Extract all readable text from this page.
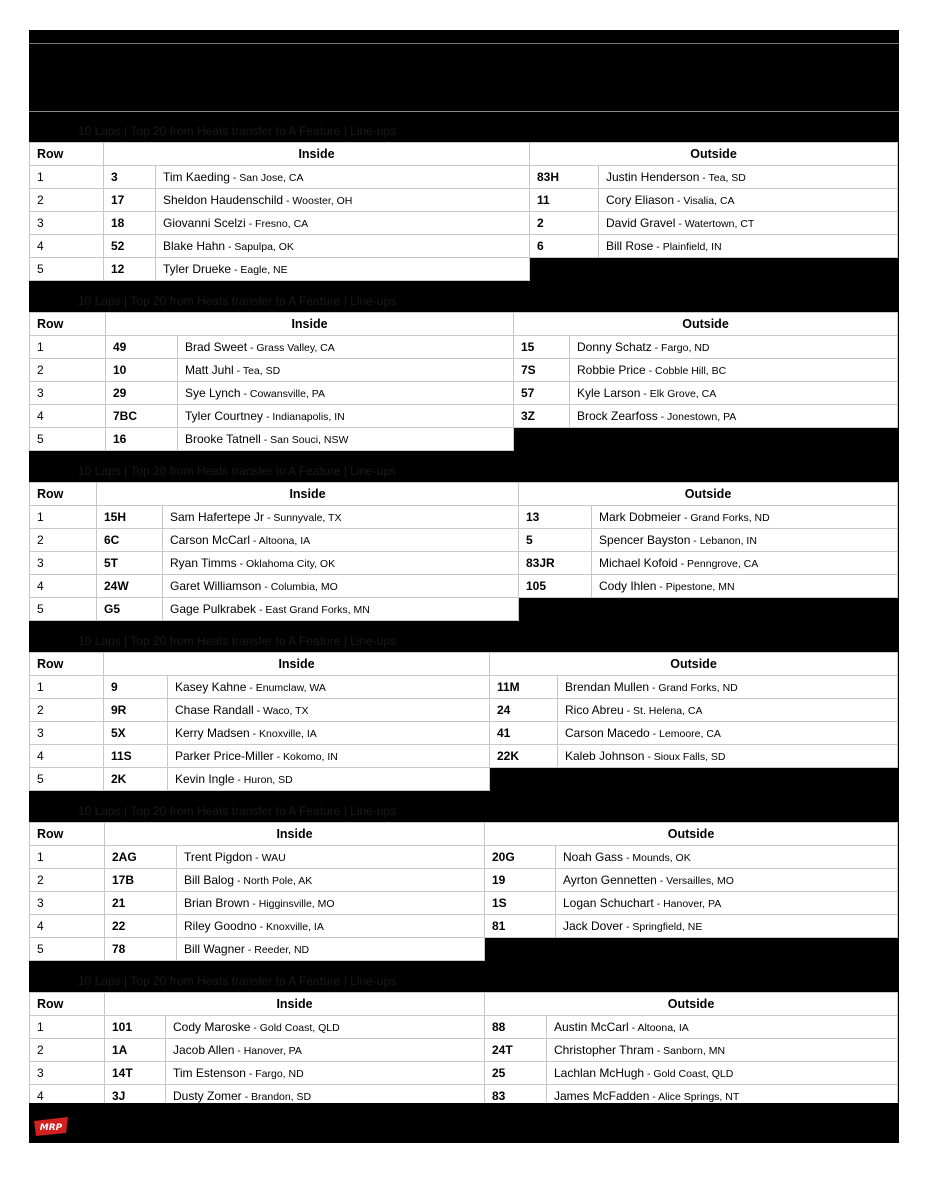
10 Laps | Top 20 from Heats transfer to A Feature | Line-ups
Row	Inside		Outside	
1	3	Tim Kaeding - San Jose, CA	83H	Justin Henderson - Tea, SD
2	17	Sheldon Haudenschild - Wooster, OH	11	Cory Eliason - Visalia, CA
3	18	Giovanni Scelzi - Fresno, CA	2	David Gravel - Watertown, CT
4	52	Blake Hahn - Sapulpa, OK	6	Bill Rose - Plainfield, IN
5	12	Tyler Drueke - Eagle, NE		
10 Laps | Top 20 from Heats transfer to A Feature | Line-ups
Row	Inside		Outside	
1	49	Brad Sweet - Grass Valley, CA	15	Donny Schatz - Fargo, ND
2	10	Matt Juhl - Tea, SD	7S	Robbie Price - Cobble Hill, BC
3	29	Sye Lynch - Cowansville, PA	57	Kyle Larson - Elk Grove, CA
4	7BC	Tyler Courtney - Indianapolis, IN	3Z	Brock Zearfoss - Jonestown, PA
5	16	Brooke Tatnell - San Souci, NSW		
10 Laps | Top 20 from Heats transfer to A Feature | Line-ups
Row	Inside		Outside	
1	15H	Sam Hafertepe Jr - Sunnyvale, TX	13	Mark Dobmeier - Grand Forks, ND
2	6C	Carson McCarl - Altoona, IA	5	Spencer Bayston - Lebanon, IN
3	5T	Ryan Timms - Oklahoma City, OK	83JR	Michael Kofoid - Penngrove, CA
4	24W	Garet Williamson - Columbia, MO	105	Cody Ihlen - Pipestone, MN
5	G5	Gage Pulkrabek - East Grand Forks, MN		
10 Laps | Top 20 from Heats transfer to A Feature | Line-ups
Row	Inside		Outside	
1	9	Kasey Kahne - Enumclaw, WA	11M	Brendan Mullen - Grand Forks, ND
2	9R	Chase Randall - Waco, TX	24	Rico Abreu - St. Helena, CA
3	5X	Kerry Madsen - Knoxville, IA	41	Carson Macedo - Lemoore, CA
4	11S	Parker Price-Miller - Kokomo, IN	22K	Kaleb Johnson - Sioux Falls, SD
5	2K	Kevin Ingle - Huron, SD		
10 Laps | Top 20 from Heats transfer to A Feature | Line-ups
Row	Inside		Outside	
1	2AG	Trent Pigdon - WAU	20G	Noah Gass - Mounds, OK
2	17B	Bill Balog - North Pole, AK	19	Ayrton Gennetten - Versailles, MO
3	21	Brian Brown - Higginsville, MO	1S	Logan Schuchart - Hanover, PA
4	22	Riley Goodno - Knoxville, IA	81	Jack Dover - Springfield, NE
5	78	Bill Wagner - Reeder, ND		
10 Laps | Top 20 from Heats transfer to A Feature | Line-ups
Row	Inside		Outside	
1	101	Cody Maroske - Gold Coast, QLD	88	Austin McCarl - Altoona, IA
2	1A	Jacob Allen - Hanover, PA	24T	Christopher Thram - Sanborn, MN
3	14T	Tim Estenson - Fargo, ND	25	Lachlan McHugh - Gold Coast, QLD
4	3J	Dusty Zomer - Brandon, SD	83	James McFadden - Alice Springs, NT

MRP
